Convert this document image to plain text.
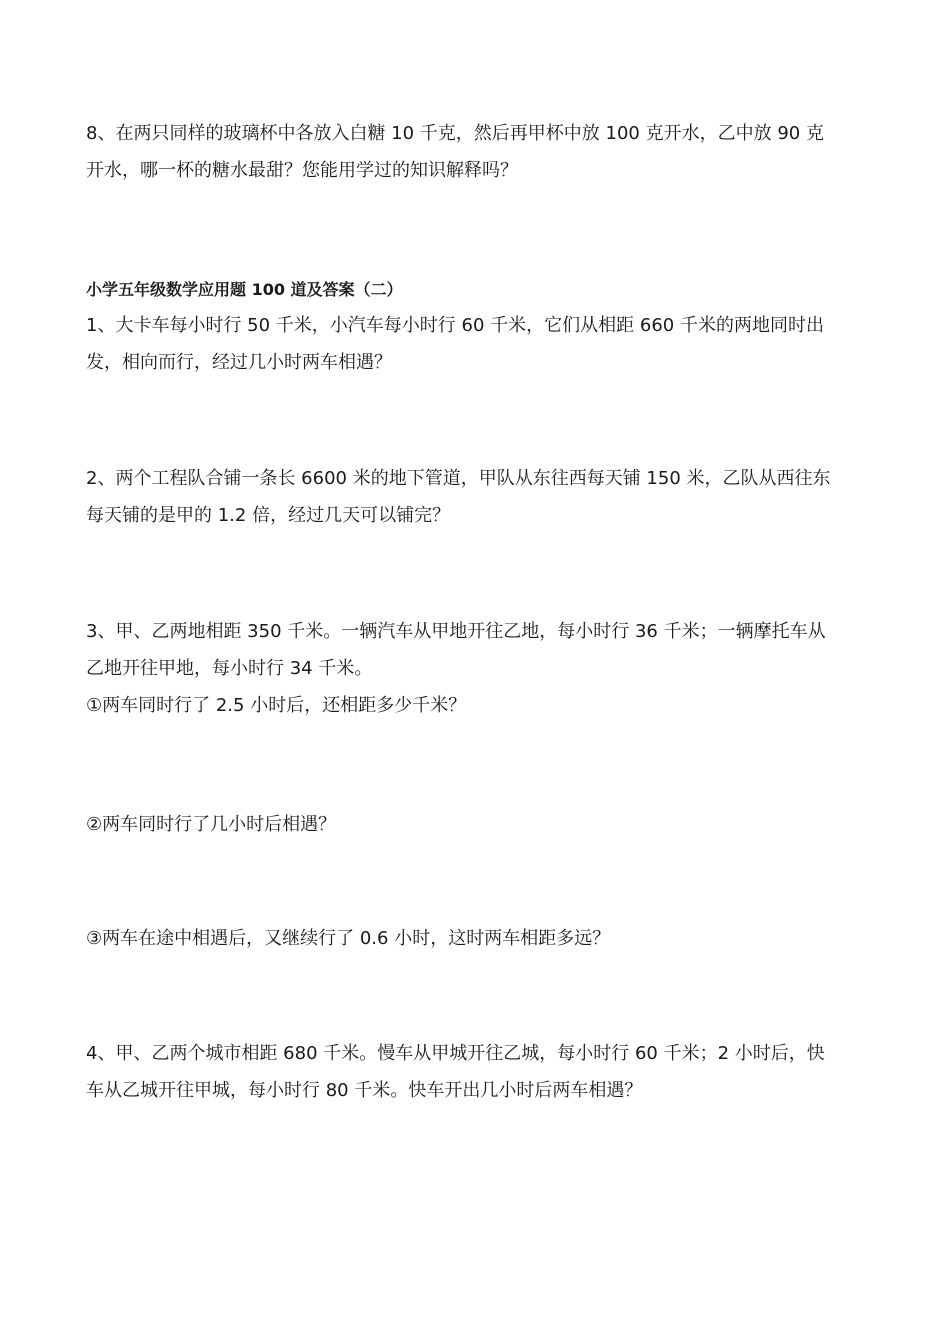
8、在两只同样的玻璃杯中各放入白糖 10 千克，然后再甲杯中放 100 克开水，乙中放 90 克
开水，哪一杯的糖水最甜？您能用学过的知识解释吗？

小学五年级数学应用题 100 道及答案（二）

1、大卡车每小时行 50 千米，小汽车每小时行 60 千米，它们从相距 660 千米的两地同时出
发，相向而行，经过几小时两车相遇？

2、两个工程队合铺一条长 6600 米的地下管道，甲队从东往西每天铺 150 米，乙队从西往东
每天铺的是甲的 1.2 倍，经过几天可以铺完？

3、甲、乙两地相距 350 千米。一辆汽车从甲地开往乙地，每小时行 36 千米；一辆摩托车从
乙地开往甲地，每小时行 34 千米。
①两车同时行了 2.5 小时后，还相距多少千米？

②两车同时行了几小时后相遇？

③两车在途中相遇后，又继续行了 0.6 小时，这时两车相距多远？

4、甲、乙两个城市相距 680 千米。慢车从甲城开往乙城，每小时行 60 千米；2 小时后，快
车从乙城开往甲城，每小时行 80 千米。快车开出几小时后两车相遇？
